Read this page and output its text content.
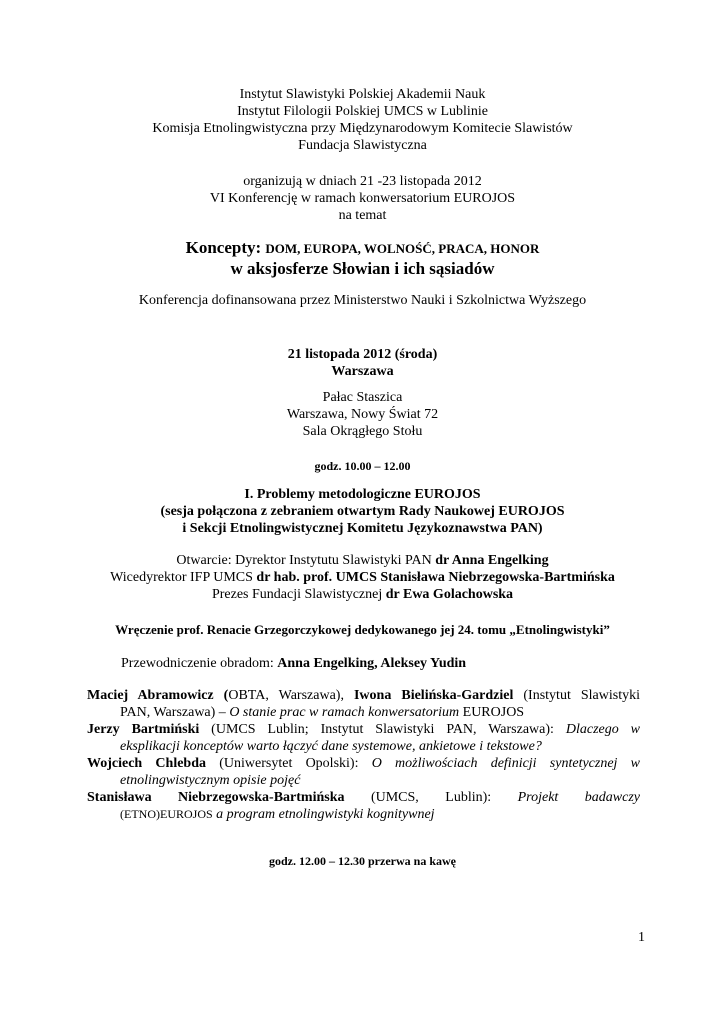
Instytut Slawistyki Polskiej Akademii Nauk
Instytut Filologii Polskiej UMCS w Lublinie
Komisja Etnolingwistyczna przy Międzynarodowym Komitecie Slawistów
Fundacja Slawistyczna
organizują w dniach 21 -23 listopada 2012
VI Konferencję w ramach konwersatorium EUROJOS
na temat
Koncepty: DOM, EUROPA, WOLNOŚĆ, PRACA, HONOR
w aksjosferze Słowian i ich sąsiadów
Konferencja dofinansowana przez Ministerstwo Nauki i Szkolnictwa Wyższego
21 listopada 2012 (środa)
Warszawa
Pałac Staszica
Warszawa, Nowy Świat 72
Sala Okrągłego Stołu
godz. 10.00 – 12.00
I. Problemy metodologiczne EUROJOS
(sesja połączona z zebraniem otwartym Rady Naukowej EUROJOS
i Sekcji Etnolingwistycznej Komitetu Językoznawstwa PAN)
Otwarcie: Dyrektor Instytutu Slawistyki PAN dr Anna Engelking
Wicedyrektor IFP UMCS dr hab. prof. UMCS Stanisława Niebrzegowska-Bartmińska
Prezes Fundacji Slawistycznej dr Ewa Golachowska
Wręczenie prof. Renacie Grzegorczykowej dedykowanego jej 24. tomu „Etnolingwistyki”
Przewodniczenie obradom: Anna Engelking, Aleksey Yudin
Maciej Abramowicz (OBTA, Warszawa), Iwona Bielińska-Gardziel (Instytut Slawistyki
PAN, Warszawa) – O stanie prac w ramach konwersatorium EUROJOS
Jerzy Bartmiński (UMCS Lublin; Instytut Slawistyki PAN, Warszawa): Dlaczego w
eksplikacji konceptów warto łączyć dane systemowe, ankietowe i tekstowe?
Wojciech Chlebda (Uniwersytet Opolski): O możliwościach definicji syntetycznej w
etnolingwistycznym opisie pojęć
Stanisława Niebrzegowska-Bartmińska (UMCS, Lublin): Projekt badawczy
(ETNO)EUROJOS a program etnolingwistyki kognitywnej
godz. 12.00 – 12.30 przerwa na kawę
1
